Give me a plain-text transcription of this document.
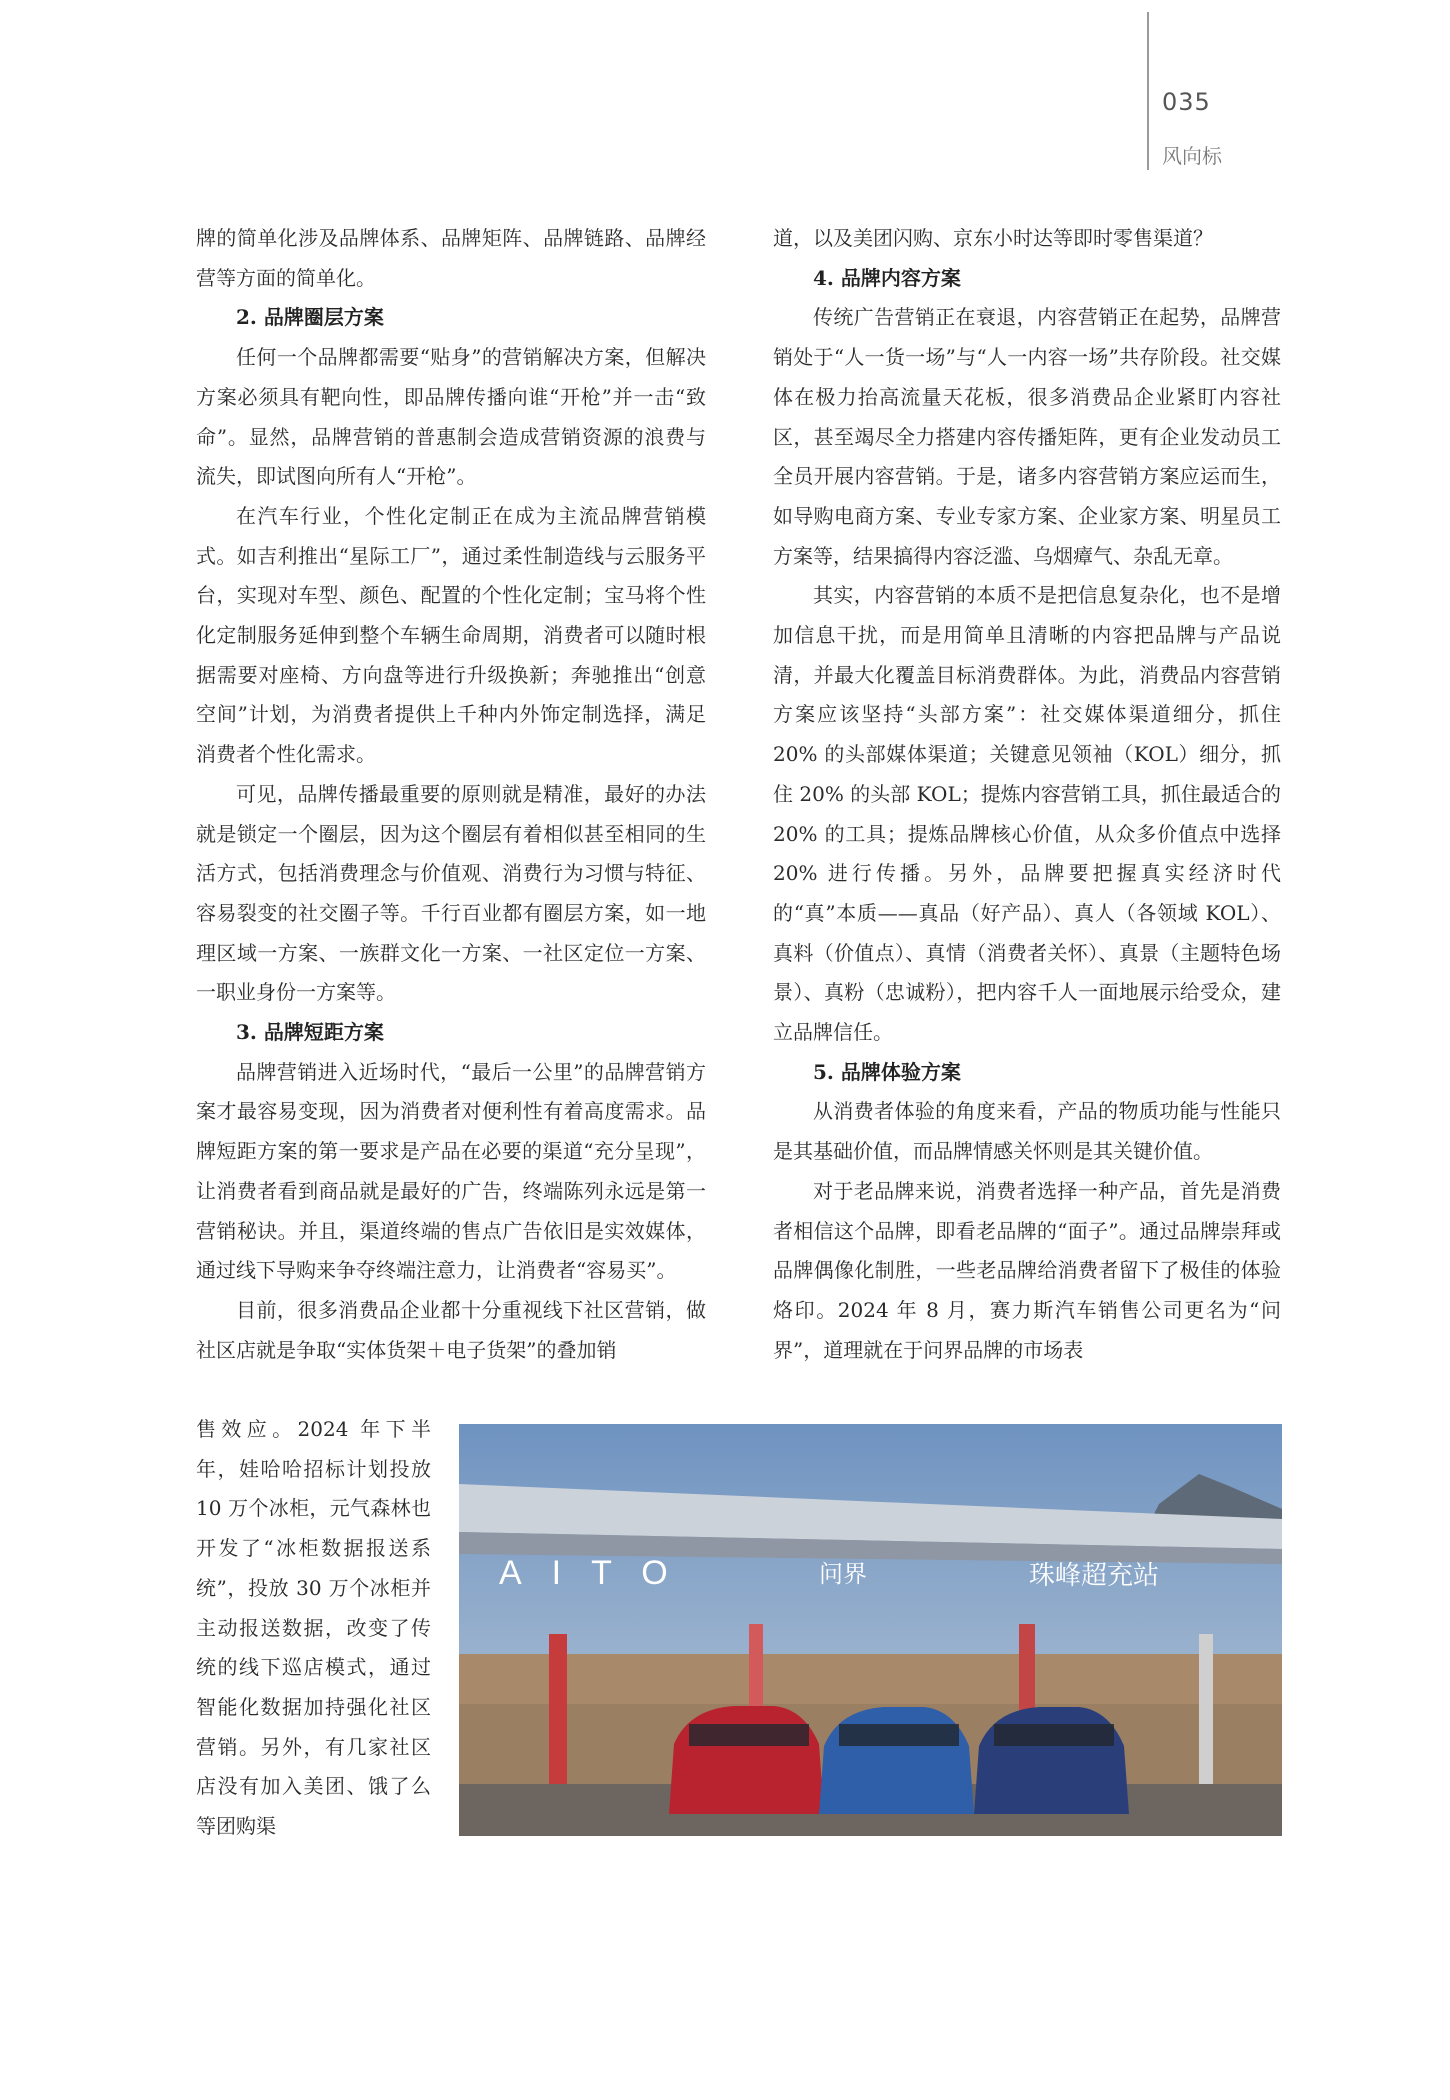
035
风向标

牌的简单化涉及品牌体系、品牌矩阵、品牌链路、品牌经营等方面的简单化。

2. 品牌圈层方案

任何一个品牌都需要“贴身”的营销解决方案，但解决方案必须具有靶向性，即品牌传播向谁“开枪”并一击“致命”。显然，品牌营销的普惠制会造成营销资源的浪费与流失，即试图向所有人“开枪”。

在汽车行业，个性化定制正在成为主流品牌营销模式。如吉利推出“星际工厂”，通过柔性制造线与云服务平台，实现对车型、颜色、配置的个性化定制；宝马将个性化定制服务延伸到整个车辆生命周期，消费者可以随时根据需要对座椅、方向盘等进行升级换新；奔驰推出“创意空间”计划，为消费者提供上千种内外饰定制选择，满足消费者个性化需求。

可见，品牌传播最重要的原则就是精准，最好的办法就是锁定一个圈层，因为这个圈层有着相似甚至相同的生活方式，包括消费理念与价值观、消费行为习惯与特征、容易裂变的社交圈子等。千行百业都有圈层方案，如一地理区域一方案、一族群文化一方案、一社区定位一方案、一职业身份一方案等。

3. 品牌短距方案

品牌营销进入近场时代，“最后一公里”的品牌营销方案才最容易变现，因为消费者对便利性有着高度需求。品牌短距方案的第一要求是产品在必要的渠道“充分呈现”，让消费者看到商品就是最好的广告，终端陈列永远是第一营销秘诀。并且，渠道终端的售点广告依旧是实效媒体，通过线下导购来争夺终端注意力，让消费者“容易买”。

目前，很多消费品企业都十分重视线下社区营销，做社区店就是争取“实体货架＋电子货架”的叠加销

道，以及美团闪购、京东小时达等即时零售渠道？

4. 品牌内容方案

传统广告营销正在衰退，内容营销正在起势，品牌营销处于“人一货一场”与“人一内容一场”共存阶段。社交媒体在极力抬高流量天花板，很多消费品企业紧盯内容社区，甚至竭尽全力搭建内容传播矩阵，更有企业发动员工全员开展内容营销。于是，诸多内容营销方案应运而生，如导购电商方案、专业专家方案、企业家方案、明星员工方案等，结果搞得内容泛滥、乌烟瘴气、杂乱无章。

其实，内容营销的本质不是把信息复杂化，也不是增加信息干扰，而是用简单且清晰的内容把品牌与产品说清，并最大化覆盖目标消费群体。为此，消费品内容营销方案应该坚持“头部方案”：社交媒体渠道细分，抓住 20% 的头部媒体渠道；关键意见领袖（KOL）细分，抓住 20% 的头部 KOL；提炼内容营销工具，抓住最适合的 20% 的工具；提炼品牌核心价值，从众多价值点中选择 20% 进行传播。另外，品牌要把握真实经济时代的“真”本质——真品（好产品）、真人（各领域 KOL）、真料（价值点）、真情（消费者关怀）、真景（主题特色场景）、真粉（忠诚粉），把内容千人一面地展示给受众，建立品牌信任。

5. 品牌体验方案

从消费者体验的角度来看，产品的物质功能与性能只是其基础价值，而品牌情感关怀则是其关键价值。

对于老品牌来说，消费者选择一种产品，首先是消费者相信这个品牌，即看老品牌的“面子”。通过品牌崇拜或品牌偶像化制胜，一些老品牌给消费者留下了极佳的体验烙印。2024 年 8 月，赛力斯汽车销售公司更名为“问界”，道理就在于问界品牌的市场表

售效应。2024 年下半年，娃哈哈招标计划投放 10 万个冰柜，元气森林也开发了“冰柜数据报送系统”，投放 30 万个冰柜并主动报送数据，改变了传统的线下巡店模式，通过智能化数据加持强化社区营销。另外，有几家社区店没有加入美团、饿了么等团购渠
AITO	问界	珠峰超充站
